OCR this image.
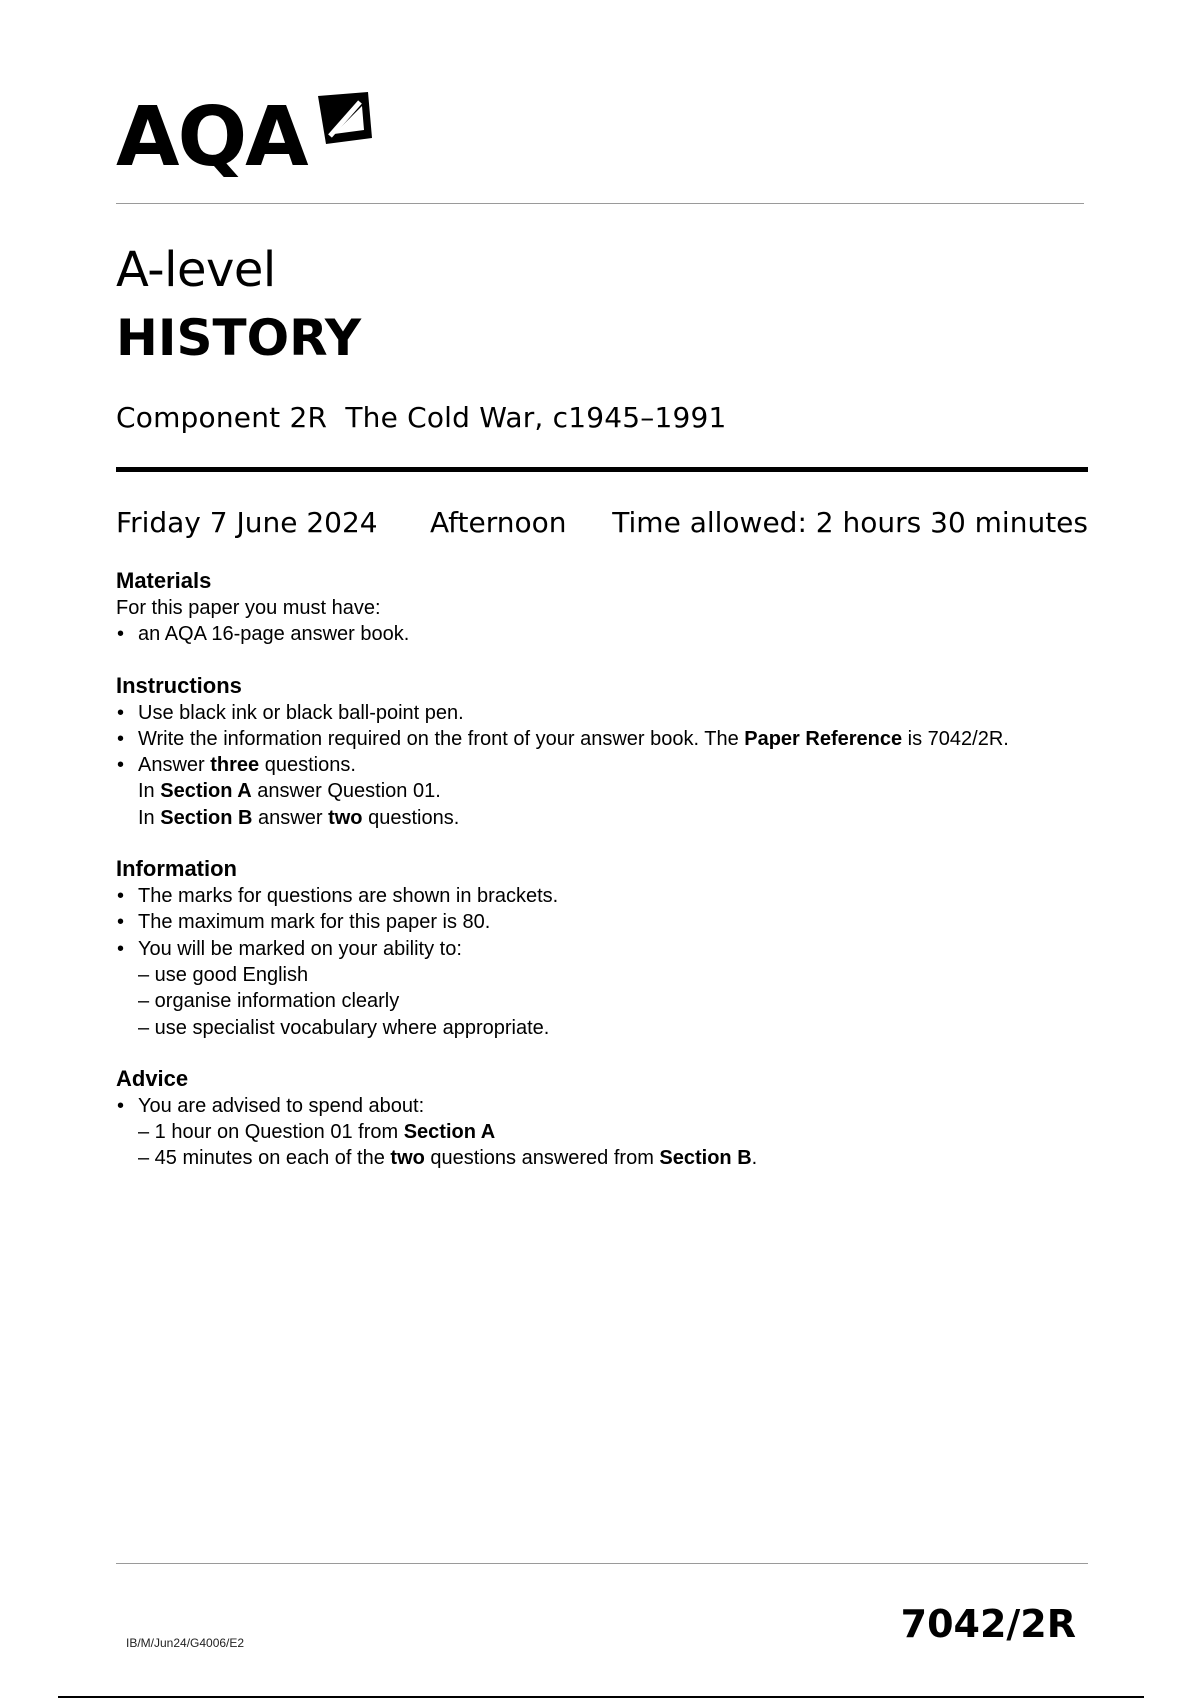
AQA
A-level
HISTORY
Component 2R  The Cold War, c1945–1991
Friday 7 June 2024 Afternoon Time allowed: 2 hours 30 minutes
Materials
For this paper you must have:
• an AQA 16-page answer book.
Instructions
• Use black ink or black ball-point pen.
• Write the information required on the front of your answer book. The Paper Reference is 7042/2R.
• Answer three questions.
In Section A answer Question 01.
In Section B answer two questions.
Information
• The marks for questions are shown in brackets.
• The maximum mark for this paper is 80.
• You will be marked on your ability to:
– use good English
– organise information clearly
– use specialist vocabulary where appropriate.
Advice
• You are advised to spend about:
– 1 hour on Question 01 from Section A
– 45 minutes on each of the two questions answered from Section B.
IB/M/Jun24/G4006/E2	7042/2R
